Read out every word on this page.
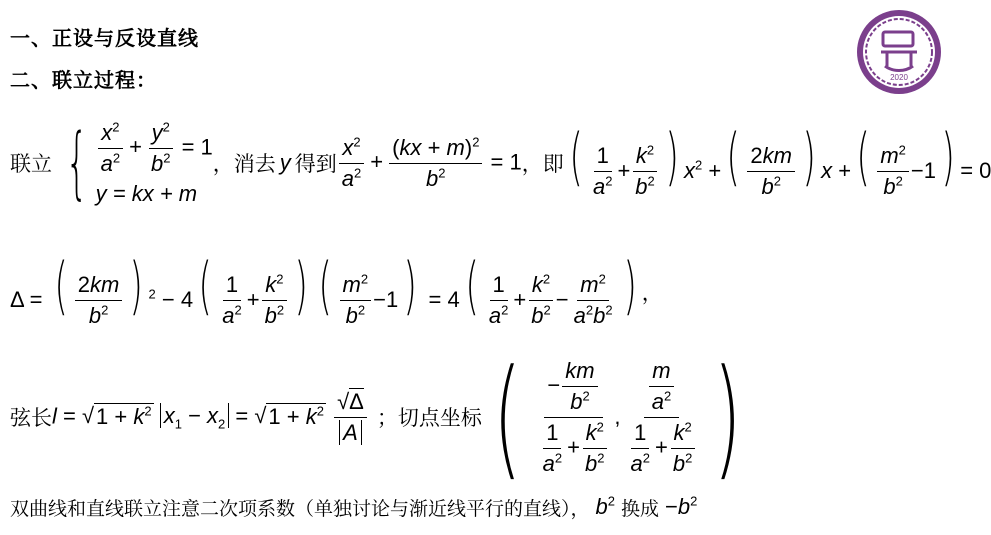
一、正设与反设直线
二、联立过程：	2020
联立 { $\frac{x^2}{a^2} + \frac{y^2}{b^2} = 1$
y = kx + m
，消去 y 得到 $\frac{x^2}{a^2} + \frac{(kx + m)^2}{b^2} = 1$ ，即 ( $\frac{1}{a^2} + \frac{k^2}{b^2}$ ) $x^2$ +( $\frac{2km}{b^2}$ ) x +( $\frac{m^2}{b^2} -1) = 0$
Δ = ( $\frac{2km}{b^2}$ ) $^2 - 4( \frac{1}{a^2} + \frac{k^2}{b^2}$ ) ( $\frac{m^2}{b^2} -1) = 4( \frac{1}{a^2} + \frac{k^2}{b^2} - \frac{m^2}{a^2b^2}$ ) ，
弦长 l = √ $1 + k^2$ $x_1 - x_2$ = √ $1 + k^2$
$\frac{√\Delta}{A}$ ；切点坐标 ( $\frac{- \frac{km}{b^2}}{\frac{1}{a^2} + \frac{k^2}{b^2}}$ , $\frac{\frac{m}{a^2}}{\frac{1}{a^2} + \frac{k^2}{b^2}}$ )
双曲线和直线联立注意二次项系数（单独讨论与渐近线平行的直线）， $b^2$ 换成 $-b^2$
